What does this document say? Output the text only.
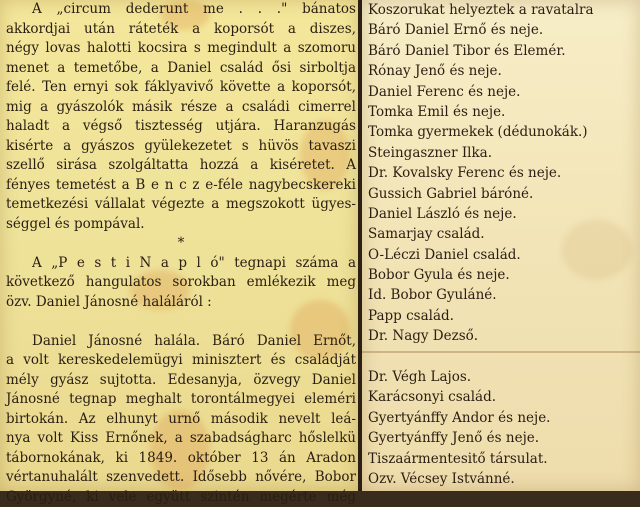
A „circum dederunt me . . ." bánatos
akkordjai után ráteték a koporsót a diszes,
négy lovas halotti kocsira s megindult a szomoru
menet a temetőbe, a Daniel család ősi sirboltja
felé. Ten ernyi sok fáklyavivő követte a koporsót,
mig a gyászolók másik része a családi cimerrel
haladt a végső tisztesség utjára. Haranzugás
kisérte a gyászos gyülekezetet s hüvös tavaszi
szellő sirása szolgáltatta hozzá a kiséretet. A
fényes temetést a B e n c z e-féle nagybecskereki
temetkezési vállalat végezte a megszokott ügyes-
séggel és pompával.
*
A „P e s t i N a p l ó" tegnapi száma a
következő hangulatos sorokban emlékezik meg
özv. Daniel Jánosné haláláról :
Daniel Jánosné halála. Báró Daniel Ernőt,
a volt kereskedelemügyi minisztert és családját
mély gyász sujtotta. Edesanyja, özvegy Daniel
Jánosné tegnap meghalt torontálmegyei eleméri
birtokán. Az elhunyt urnő második nevelt leá-
nya volt Kiss Ernőnek, a szabadságharc hőslelkü
tábornokának, ki 1849. október 13 án Aradon
vértanuhalált szenvedett. Idősebb nővére, Bobor
Györgyné, ki vele együtt szintén megérte még
Koszorukat helyeztek a ravatalra
Báró Daniel Ernő és neje.
Báró Daniel Tibor és Elemér.
Rónay Jenő és neje.
Daniel Ferenc és neje.
Tomka Emil és neje.
Tomka gyermekek (dédunokák.)
Steingaszner Ilka.
Dr. Kovalsky Ferenc és neje.
Gussich Gabriel báróné.
Daniel László és neje.
Samarjay család.
O-Léczi Daniel család.
Bobor Gyula és neje.
Id. Bobor Gyuláné.
Papp család.
Dr. Nagy Dezső.
Dr. Végh Lajos.
Karácsonyi család.
Gyertyánffy Andor és neje.
Gyertyánffy Jenő és neje.
Tiszaármentesitő társulat.
Ozv. Vécsey Istvánné.
